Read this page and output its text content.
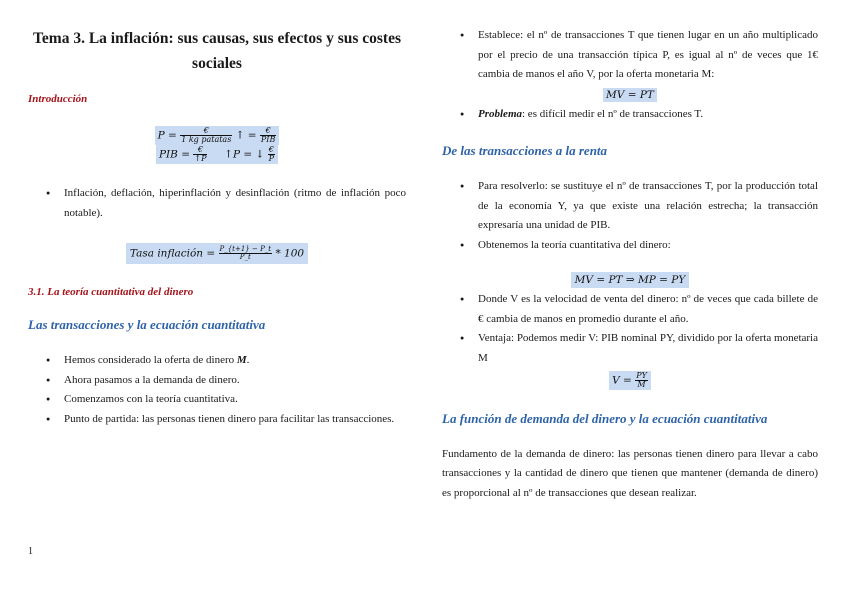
Tema 3. La inflación: sus causas, sus efectos y sus costes sociales
Introducción
$P = \frac{€}{\text{1 kg patatas}}$ ↑ = $\frac{€}{\text{PIB}}$
PIB = $\frac{€}{↑P}$ ↑P = ↓ $\frac{€}{P}$
● Inflación, deflación, hiperinflación y desinflación (ritmo de inflación poco notable).
Tasa inflación = $\frac{P\_\{t+1\} - P\_t}{P\_t} * 100$
3.1. La teoría cuantitativa del dinero
Las transacciones y la ecuación cuantitativa
● Hemos considerado la oferta de dinero M.
● Ahora pasamos a la demanda de dinero.
● Comenzamos con la teoría cuantitativa.
● Punto de partida: las personas tienen dinero para facilitar las transacciones.
1
● Establece: el nº de transacciones T que tienen lugar en un año multiplicado por el precio de una transacción típica P, es igual al nº de veces que 1€ cambia de manos el año V, por la oferta monetaria M:
MV = PT
● Problema: es difícil medir el nº de transacciones T.
De las transacciones a la renta
● Para resolverlo: se sustituye el nº de transacciones T, por la producción total de la economía Y, ya que existe una relación estrecha; la transacción expresaría una unidad de PIB.
● Obtenemos la teoría cuantitativa del dinero:
MV = PT ⇒ MP = PY
● Donde V es la velocidad de venta del dinero: nº de veces que cada billete de € cambia de manos en promedio durante el año.
● Ventaja: Podemos medir V: PIB nominal PY, dividido por la oferta monetaria M
$V = \frac{PY}{M}$
La función de demanda del dinero y la ecuación cuantitativa
Fundamento de la demanda de dinero: las personas tienen dinero para llevar a cabo transacciones y la cantidad de dinero que tienen que mantener (demanda de dinero) es proporcional al nº de transacciones que desean realizar.
